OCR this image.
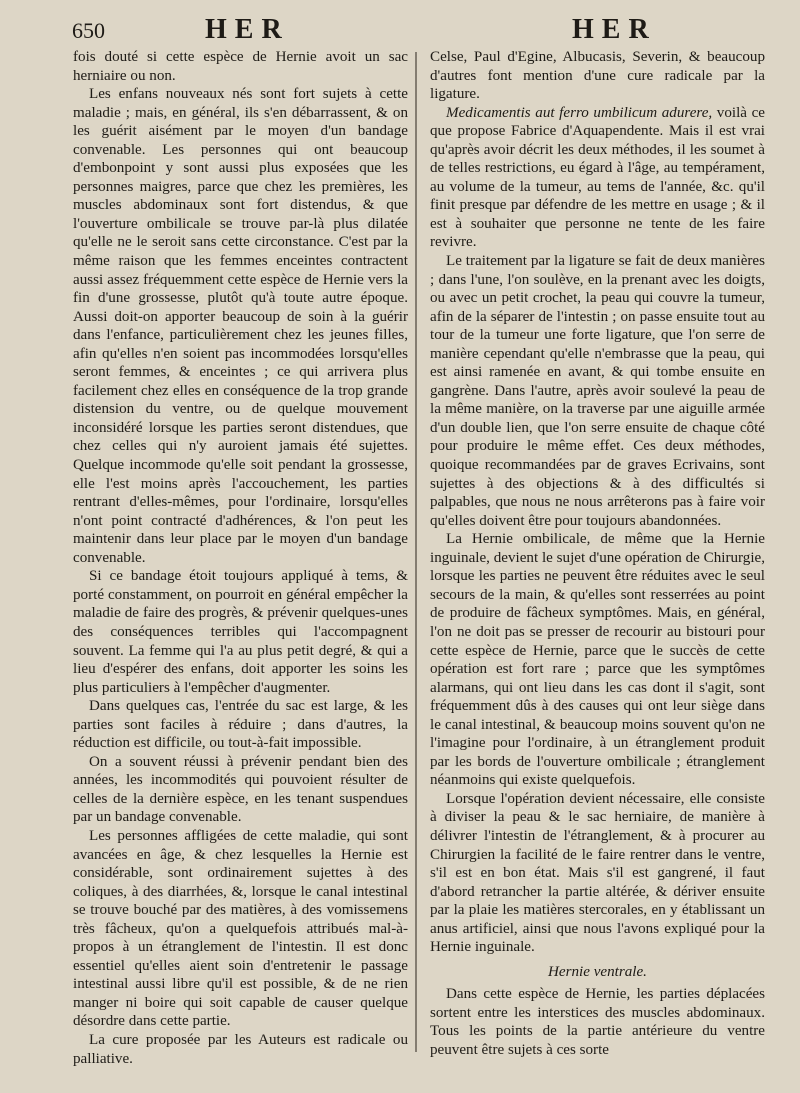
650	HER	HER

fois douté si cette espèce de Hernie avoit un sac herniaire ou non.

Les enfans nouveaux nés sont fort sujets à cette maladie ; mais, en général, ils s'en débarrassent, & on les guérit aisément par le moyen d'un bandage convenable. Les personnes qui ont beaucoup d'embonpoint y sont aussi plus exposées que les personnes maigres, parce que chez les premières, les muscles abdominaux sont fort distendus, & que l'ouverture ombilicale se trouve par-là plus dilatée qu'elle ne le seroit sans cette circonstance. C'est par la même raison que les femmes enceintes contractent aussi assez fréquemment cette espèce de Hernie vers la fin d'une grossesse, plutôt qu'à toute autre époque. Aussi doit-on apporter beaucoup de soin à la guérir dans l'enfance, particulièrement chez les jeunes filles, afin qu'elles n'en soient pas incommodées lorsqu'elles seront femmes, & enceintes ; ce qui arrivera plus facilement chez elles en conséquence de la trop grande distension du ventre, ou de quelque mouvement inconsidéré lorsque les parties seront distendues, que chez celles qui n'y auroient jamais été sujettes. Quelque incommode qu'elle soit pendant la grossesse, elle l'est moins après l'accouchement, les parties rentrant d'elles-mêmes, pour l'ordinaire, lorsqu'elles n'ont point contracté d'adhérences, & l'on peut les maintenir dans leur place par le moyen d'un bandage convenable.

Si ce bandage étoit toujours appliqué à tems, & porté constamment, on pourroit en général empêcher la maladie de faire des progrès, & prévenir quelques-unes des conséquences terribles qui l'accompagnent souvent. La femme qui l'a au plus petit degré, & qui a lieu d'espérer des enfans, doit apporter les soins les plus particuliers à l'empêcher d'augmenter.

Dans quelques cas, l'entrée du sac est large, & les parties sont faciles à réduire ; dans d'autres, la réduction est difficile, ou tout-à-fait impossible.

On a souvent réussi à prévenir pendant bien des années, les incommodités qui pouvoient résulter de celles de la dernière espèce, en les tenant suspendues par un bandage convenable.

Les personnes affligées de cette maladie, qui sont avancées en âge, & chez lesquelles la Hernie est considérable, sont ordinairement sujettes à des coliques, à des diarrhées, &, lorsque le canal intestinal se trouve bouché par des matières, à des vomissemens très fâcheux, qu'on a quelquefois attribués mal-à-propos à un étranglement de l'intestin. Il est donc essentiel qu'elles aient soin d'entretenir le passage intestinal aussi libre qu'il est possible, & de ne rien manger ni boire qui soit capable de causer quelque désordre dans cette partie.

La cure proposée par les Auteurs est radicale ou palliative.

Celse, Paul d'Egine, Albucasis, Severin, & beaucoup d'autres font mention d'une cure radicale par la ligature.

Medicamentis aut ferro umbilicum adurere, voilà ce que propose Fabrice d'Aquapendente. Mais il est vrai qu'après avoir décrit les deux méthodes, il les soumet à de telles restrictions, eu égard à l'âge, au tempérament, au volume de la tumeur, au tems de l'année, &c. qu'il finit presque par défendre de les mettre en usage ; & il est à souhaiter que personne ne tente de les faire revivre.

Le traitement par la ligature se fait de deux manières ; dans l'une, l'on soulève, en la prenant avec les doigts, ou avec un petit crochet, la peau qui couvre la tumeur, afin de la séparer de l'intestin ; on passe ensuite tout au tour de la tumeur une forte ligature, que l'on serre de manière cependant qu'elle n'embrasse que la peau, qui est ainsi ramenée en avant, & qui tombe ensuite en gangrène. Dans l'autre, après avoir soulevé la peau de la même manière, on la traverse par une aiguille armée d'un double lien, que l'on serre ensuite de chaque côté pour produire le même effet. Ces deux méthodes, quoique recommandées par de graves Ecrivains, sont sujettes à des objections & à des difficultés si palpables, que nous ne nous arrêterons pas à faire voir qu'elles doivent être pour toujours abandonnées.

La Hernie ombilicale, de même que la Hernie inguinale, devient le sujet d'une opération de Chirurgie, lorsque les parties ne peuvent être réduites avec le seul secours de la main, & qu'elles sont resserrées au point de produire de fâcheux symptômes. Mais, en général, l'on ne doit pas se presser de recourir au bistouri pour cette espèce de Hernie, parce que le succès de cette opération est fort rare ; parce que les symptômes alarmans, qui ont lieu dans les cas dont il s'agit, sont fréquemment dûs à des causes qui ont leur siège dans le canal intestinal, & beaucoup moins souvent qu'on ne l'imagine pour l'ordinaire, à un étranglement produit par les bords de l'ouverture ombilicale ; étranglement néanmoins qui existe quelquefois.

Lorsque l'opération devient nécessaire, elle consiste à diviser la peau & le sac herniaire, de manière à délivrer l'intestin de l'étranglement, & à procurer au Chirurgien la facilité de le faire rentrer dans le ventre, s'il est en bon état. Mais s'il est gangrené, il faut d'abord retrancher la partie altérée, & dériver ensuite par la plaie les matières stercorales, en y établissant un anus artificiel, ainsi que nous l'avons expliqué pour la Hernie inguinale.

Hernie ventrale.

Dans cette espèce de Hernie, les parties déplacées sortent entre les interstices des muscles abdominaux. Tous les points de la partie antérieure du ventre peuvent être sujets à ces sorte
